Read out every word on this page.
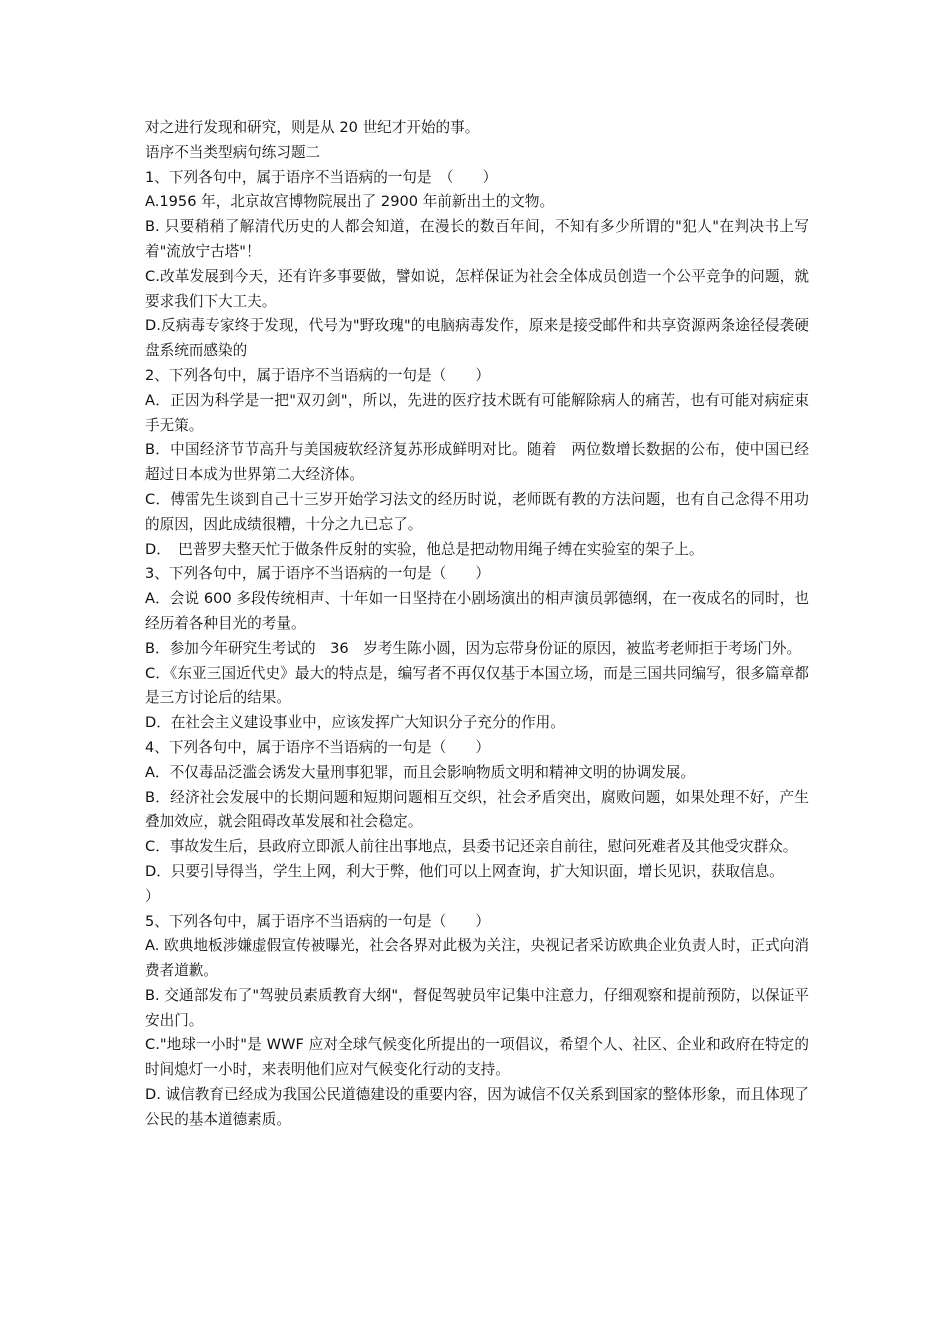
对之进行发现和研究，则是从 20 世纪才开始的事。

语序不当类型病句练习题二

1、下列各句中，属于语序不当语病的一句是　（　　）

A.1956 年，北京故宫博物院展出了 2900 年前新出土的文物。

B. 只要稍稍了解清代历史的人都会知道，在漫长的数百年间，不知有多少所谓的"犯人"在判决书上写着"流放宁古塔"！

C.改革发展到今天，还有许多事要做，譬如说，怎样保证为社会全体成员创造一个公平竞争的问题，就要求我们下大工夫。

D.反病毒专家终于发现，代号为"野玫瑰"的电脑病毒发作，原来是接受邮件和共享资源两条途径侵袭硬盘系统而感染的

2、下列各句中，属于语序不当语病的一句是（　　）

A．正因为科学是一把"双刃剑"，所以，先进的医疗技术既有可能解除病人的痛苦，也有可能对病症束手无策。

B．中国经济节节高升与美国疲软经济复苏形成鲜明对比。随着　两位数增长数据的公布，使中国已经超过日本成为世界第二大经济体。

C．傅雷先生谈到自己十三岁开始学习法文的经历时说，老师既有教的方法问题，也有自己念得不用功的原因，因此成绩很糟，十分之九已忘了。

D．　巴普罗夫整天忙于做条件反射的实验，他总是把动物用绳子缚在实验室的架子上。

3、下列各句中，属于语序不当语病的一句是（　　）

A．会说 600 多段传统相声、十年如一日坚持在小剧场演出的相声演员郭德纲，在一夜成名的同时，也经历着各种目光的考量。

B．参加今年研究生考试的　36　岁考生陈小圆，因为忘带身份证的原因，被监考老师拒于考场门外。

C．《东亚三国近代史》最大的特点是，编写者不再仅仅基于本国立场，而是三国共同编写，很多篇章都是三方讨论后的结果。

D．在社会主义建设事业中，应该发挥广大知识分子充分的作用。

4、下列各句中，属于语序不当语病的一句是（　　）

A．不仅毒品泛滥会诱发大量刑事犯罪，而且会影响物质文明和精神文明的协调发展。

B．经济社会发展中的长期问题和短期问题相互交织，社会矛盾突出，腐败问题，如果处理不好，产生叠加效应，就会阻碍改革发展和社会稳定。

C．事故发生后，县政府立即派人前往出事地点，县委书记还亲自前往，慰问死难者及其他受灾群众。

D．只要引导得当，学生上网，利大于弊，他们可以上网查询，扩大知识面，增长见识，获取信息。

）

5、下列各句中，属于语序不当语病的一句是（　　）

A. 欧典地板涉嫌虚假宣传被曝光，社会各界对此极为关注，央视记者采访欧典企业负责人时，正式向消费者道歉。

B. 交通部发布了"驾驶员素质教育大纲"，督促驾驶员牢记集中注意力，仔细观察和提前预防，以保证平安出门。

C."地球一小时"是 WWF 应对全球气候变化所提出的一项倡议，希望个人、社区、企业和政府在特定的时间熄灯一小时，来表明他们应对气候变化行动的支持。

D. 诚信教育已经成为我国公民道德建设的重要内容，因为诚信不仅关系到国家的整体形象，而且体现了公民的基本道德素质。
